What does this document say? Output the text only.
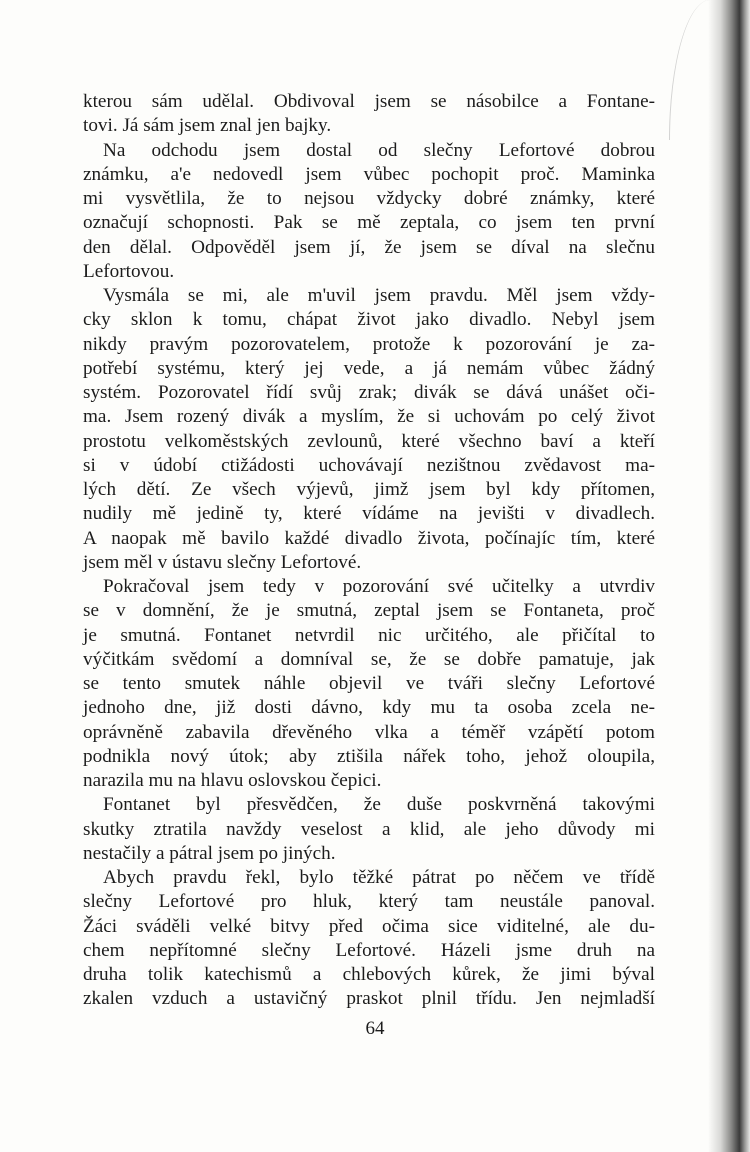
kterou sám udělal. Obdivoval jsem se násobilce a Fontane-
tovi. Já sám jsem znal jen bajky.
Na odchodu jsem dostal od slečny Lefortové dobrou
známku, a'e nedovedl jsem vůbec pochopit proč. Maminka
mi vysvětlila, že to nejsou vždycky dobré známky, které
označují schopnosti. Pak se mě zeptala, co jsem ten první
den dělal. Odpověděl jsem jí, že jsem se díval na slečnu
Lefortovou.
Vysmála se mi, ale m'uvil jsem pravdu. Měl jsem vždy-
cky sklon k tomu, chápat život jako divadlo. Nebyl jsem
nikdy pravým pozorovatelem, protože k pozorování je za-
potřebí systému, který jej vede, a já nemám vůbec žádný
systém. Pozorovatel řídí svůj zrak; divák se dává unášet oči-
ma. Jsem rozený divák a myslím, že si uchovám po celý život
prostotu velkoměstských zevlounů, které všechno baví a kteří
si v údobí ctižádosti uchovávají nezištnou zvědavost ma-
lých dětí. Ze všech výjevů, jimž jsem byl kdy přítomen,
nudily mě jedině ty, které vídáme na jevišti v divadlech.
A naopak mě bavilo každé divadlo života, počínajíc tím, které
jsem měl v ústavu slečny Lefortové.
Pokračoval jsem tedy v pozorování své učitelky a utvrdiv
se v domnění, že je smutná, zeptal jsem se Fontaneta, proč
je smutná. Fontanet netvrdil nic určitého, ale přičítal to
výčitkám svědomí a domníval se, že se dobře pamatuje, jak
se tento smutek náhle objevil ve tváři slečny Lefortové
jednoho dne, již dosti dávno, kdy mu ta osoba zcela ne-
oprávněně zabavila dřevěného vlka a téměř vzápětí potom
podnikla nový útok; aby ztišila nářek toho, jehož oloupila,
narazila mu na hlavu oslovskou čepici.
Fontanet byl přesvědčen, že duše poskvrněná takovými
skutky ztratila navždy veselost a klid, ale jeho důvody mi
nestačily a pátral jsem po jiných.
Abych pravdu řekl, bylo těžké pátrat po něčem ve třídě
slečny Lefortové pro hluk, který tam neustále panoval.
Žáci sváděli velké bitvy před očima sice viditelné, ale du-
chem nepřítomné slečny Lefortové. Házeli jsme druh na
druha tolik katechismů a chlebových kůrek, že jimi býval
zkalen vzduch a ustavičný praskot plnil třídu. Jen nejmladší
64
